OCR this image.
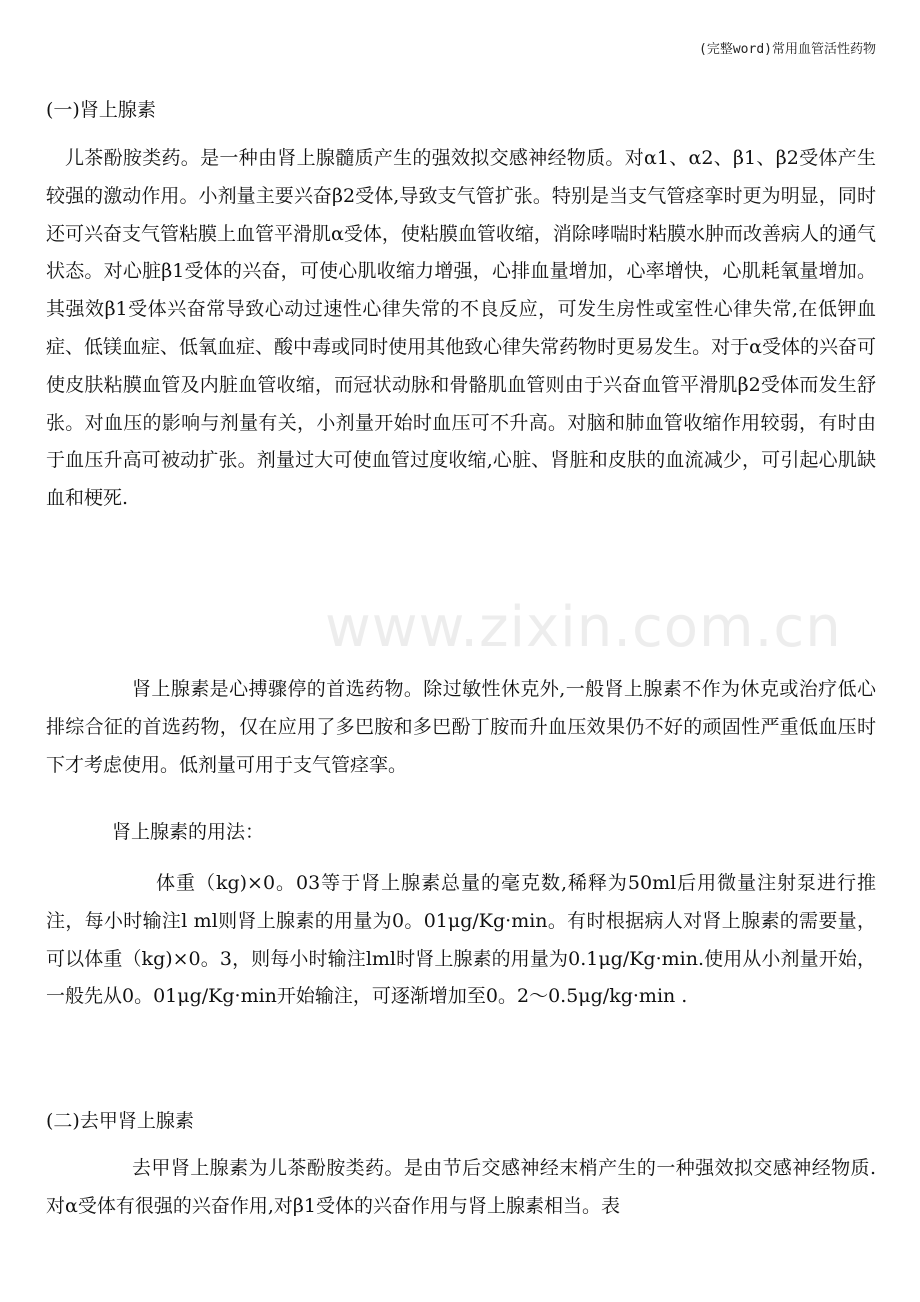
(完整word)常用血管活性药物
www.zixin.com.cn
(一)肾上腺素

儿茶酚胺类药。是一种由肾上腺髓质产生的强效拟交感神经物质。对α1、α2、β1、β2受体产生较强的激动作用。小剂量主要兴奋β2受体,导致支气管扩张。特别是当支气管痉挛时更为明显，同时还可兴奋支气管粘膜上血管平滑肌α受体，使粘膜血管收缩，消除哮喘时粘膜水肿而改善病人的通气状态。对心脏β1受体的兴奋，可使心肌收缩力增强，心排血量增加，心率增快，心肌耗氧量增加。其强效β1受体兴奋常导致心动过速性心律失常的不良反应，可发生房性或室性心律失常,在低钾血症、低镁血症、低氧血症、酸中毒或同时使用其他致心律失常药物时更易发生。对于α受体的兴奋可使皮肤粘膜血管及内脏血管收缩，而冠状动脉和骨骼肌血管则由于兴奋血管平滑肌β2受体而发生舒张。对血压的影响与剂量有关，小剂量开始时血压可不升高。对脑和肺血管收缩作用较弱，有时由于血压升高可被动扩张。剂量过大可使血管过度收缩,心脏、肾脏和皮肤的血流减少，可引起心肌缺血和梗死.

肾上腺素是心搏骤停的首选药物。除过敏性休克外,一般肾上腺素不作为休克或治疗低心排综合征的首选药物，仅在应用了多巴胺和多巴酚丁胺而升血压效果仍不好的顽固性严重低血压时下才考虑使用。低剂量可用于支气管痉挛。

肾上腺素的用法：

体重（kg)×0。03等于肾上腺素总量的毫克数,稀释为50ml后用微量注射泵进行推注，每小时输注l ml则肾上腺素的用量为0。01μg/Kg·min。有时根据病人对肾上腺素的需要量，可以体重（kg)×0。3，则每小时输注lml时肾上腺素的用量为0.1μg/Kg·min.使用从小剂量开始，一般先从0。01μg/Kg·min开始输注，可逐渐增加至0。2～0.5μg/kg·min .

(二)去甲肾上腺素

去甲肾上腺素为儿茶酚胺类药。是由节后交感神经末梢产生的一种强效拟交感神经物质.对α受体有很强的兴奋作用,对β1受体的兴奋作用与肾上腺素相当。表
